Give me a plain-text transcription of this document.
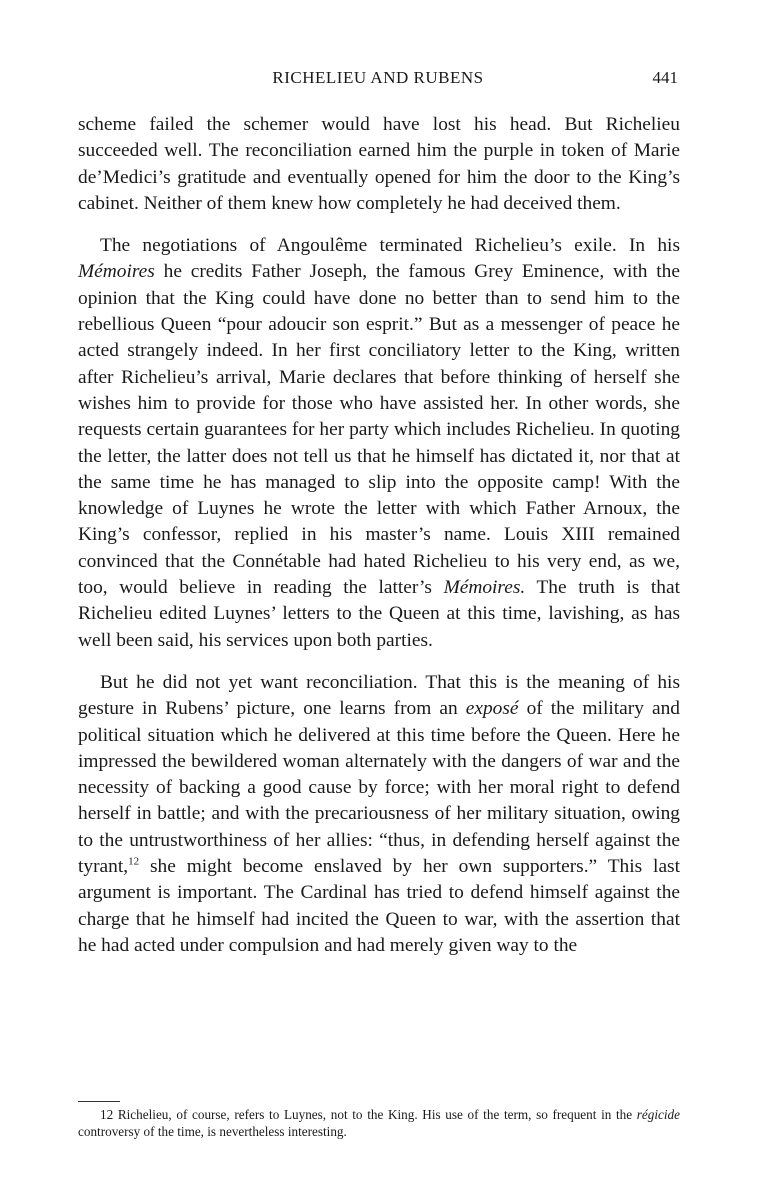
RICHELIEU AND RUBENS	441

scheme failed the schemer would have lost his head. But Richelieu succeeded well. The reconciliation earned him the purple in token of Marie de’Medici’s gratitude and eventually opened for him the door to the King’s cabinet. Neither of them knew how completely he had deceived them.

The negotiations of Angoulême terminated Richelieu’s exile. In his Mémoires he credits Father Joseph, the famous Grey Eminence, with the opinion that the King could have done no better than to send him to the rebellious Queen “pour adoucir son esprit.” But as a messenger of peace he acted strangely indeed. In her first conciliatory letter to the King, written after Richelieu’s arrival, Marie declares that before thinking of herself she wishes him to provide for those who have assisted her. In other words, she requests certain guarantees for her party which includes Richelieu. In quoting the letter, the latter does not tell us that he himself has dictated it, nor that at the same time he has managed to slip into the opposite camp! With the knowledge of Luynes he wrote the letter with which Father Arnoux, the King’s confessor, replied in his master’s name. Louis XIII remained convinced that the Connétable had hated Richelieu to his very end, as we, too, would believe in reading the latter’s Mémoires. The truth is that Richelieu edited Luynes’ letters to the Queen at this time, lavishing, as has well been said, his services upon both parties.

But he did not yet want reconciliation. That this is the meaning of his gesture in Rubens’ picture, one learns from an exposé of the military and political situation which he delivered at this time before the Queen. Here he impressed the bewildered woman alternately with the dangers of war and the necessity of backing a good cause by force; with her moral right to defend herself in battle; and with the precariousness of her military situation, owing to the untrustworthiness of her allies: “thus, in defending herself against the tyrant,$^{12}$ she might become enslaved by her own supporters.” This last argument is important. The Cardinal has tried to defend himself against the charge that he himself had incited the Queen to war, with the assertion that he had acted under compulsion and had merely given way to the

12 Richelieu, of course, refers to Luynes, not to the King. His use of the term, so frequent in the régicide controversy of the time, is nevertheless interesting.
